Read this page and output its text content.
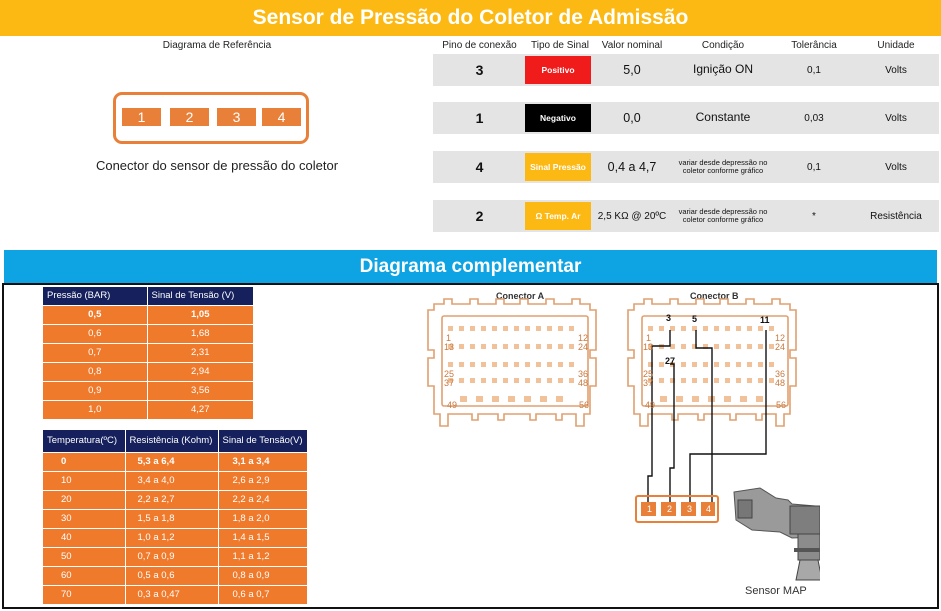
Sensor de Pressão do Coletor de Admissão
Diagrama de Referência	Pino de conexão	Tipo de Sinal	Valor nominal	Condição	Tolerância	Unidade
1	2	3	4
Conector do sensor de pressão do coletor
3	Positivo	5,0	Ignição ON	0,1	Volts
1	Negativo	0,0	Constante	0,03	Volts
4	Sinal Pressão	0,4 a 4,7	variar desde depressão no coletor conforme gráfico	0,1	Volts
2	Ω Temp. Ar	2,5 KΩ @ 20ºC	variar desde depressão no coletor conforme gráfico	*	Resistência
Diagrama complementar
Pressão (BAR)	Sinal de Tensão (V)
0,5	1,05
0,6	1,68
0,7	2,31
0,8	2,94
0,9	3,56
1,0	4,27
Temperatura(ºC)	Resistência (Kohm)	Sinal de Tensão(V)
0	5,3 a 6,4	3,1 a 3,4
10	3,4 a 4,0	2,6 a 2,9
20	2,2 a 2,7	2,2 a 2,4
30	1,5 a 1,8	1,8 a 2,0
40	1,0 a 1,2	1,4 a 1,5
50	0,7 a 0,9	1,1 a 1,2
60	0,5 a 0,6	0,8 a 0,9
70	0,3 a 0,47	0,6 a 0,7
Conector A	Conector B
1	12
13	24
25	36
37	48
49	56
1	12
13	24
25	36
37	48
49	56
3 5	11
27
1 2 3 4
Sensor MAP
